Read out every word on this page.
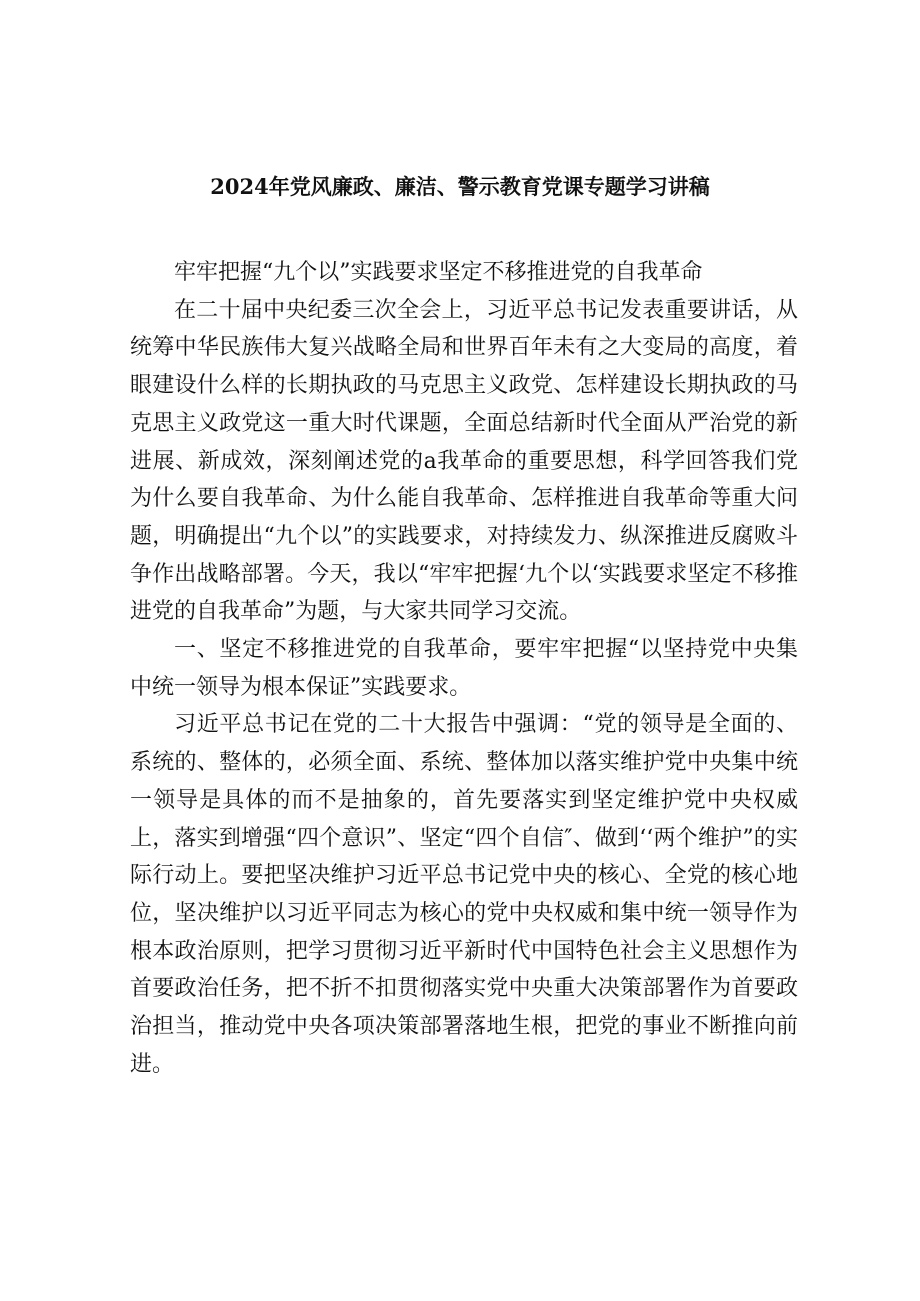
2024年党风廉政、廉洁、警示教育党课专题学习讲稿

牢牢把握“九个以”实践要求坚定不移推进党的自我革命

在二十届中央纪委三次全会上，习近平总书记发表重要讲话，从统筹中华民族伟大复兴战略全局和世界百年未有之大变局的高度，着眼建设什么样的长期执政的马克思主义政党、怎样建设长期执政的马克思主义政党这一重大时代课题，全面总结新时代全面从严治党的新进展、新成效，深刻阐述党的a我革命的重要思想，科学回答我们党为什么要自我革命、为什么能自我革命、怎样推进自我革命等重大问题，明确提出“九个以”的实践要求，对持续发力、纵深推进反腐败斗争作出战略部署。今天，我以“牢牢把握‘九个以‘实践要求坚定不移推进党的自我革命”为题，与大家共同学习交流。

一、坚定不移推进党的自我革命，要牢牢把握“以坚持党中央集中统一领导为根本保证”实践要求。

习近平总书记在党的二十大报告中强调：“党的领导是全面的、系统的、整体的，必须全面、系统、整体加以落实维护党中央集中统一领导是具体的而不是抽象的，首先要落实到坚定维护党中央权威上，落实到增强“四个意识”、坚定“四个自信″、做到‘‘两个维护”的实际行动上。要把坚决维护习近平总书记党中央的核心、全党的核心地位，坚决维护以习近平同志为核心的党中央权威和集中统一领导作为根本政治原则，把学习贯彻习近平新时代中国特色社会主义思想作为首要政治任务，把不折不扣贯彻落实党中央重大决策部署作为首要政治担当，推动党中央各项决策部署落地生根，把党的事业不断推向前进。
